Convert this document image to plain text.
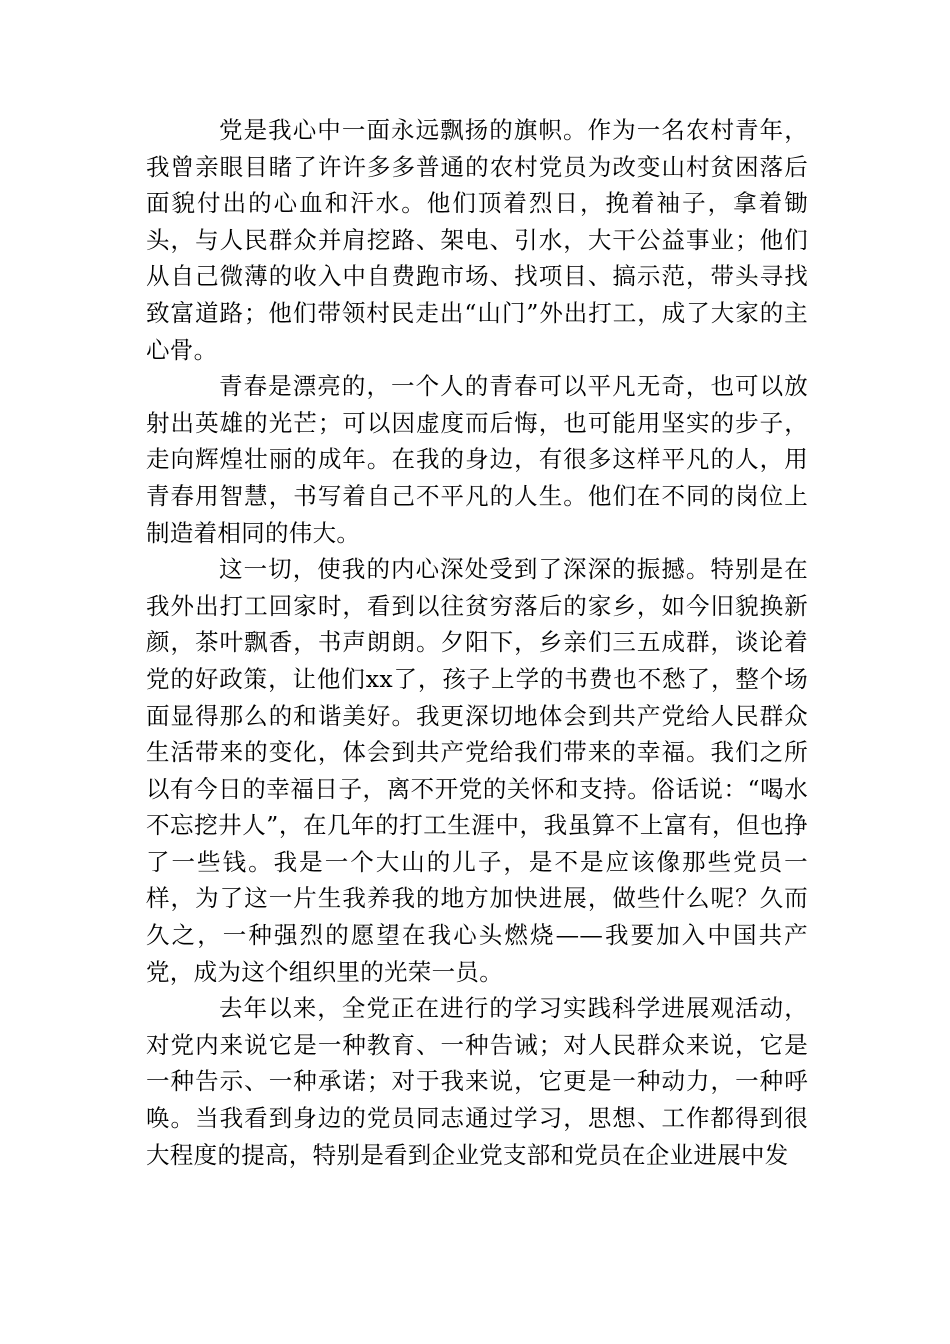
党是我心中一面永远飘扬的旗帜。作为一名农村青年，我曾亲眼目睹了许许多多普通的农村党员为改变山村贫困落后面貌付出的心血和汗水。他们顶着烈日，挽着袖子，拿着锄头，与人民群众并肩挖路、架电、引水，大干公益事业；他们从自己微薄的收入中自费跑市场、找项目、搞示范，带头寻找致富道路；他们带领村民走出“山门”外出打工，成了大家的主心骨。

青春是漂亮的，一个人的青春可以平凡无奇，也可以放射出英雄的光芒；可以因虚度而后悔，也可能用坚实的步子，走向辉煌壮丽的成年。在我的身边，有很多这样平凡的人，用青春用智慧，书写着自己不平凡的人生。他们在不同的岗位上制造着相同的伟大。

这一切，使我的内心深处受到了深深的振撼。特别是在我外出打工回家时，看到以往贫穷落后的家乡，如今旧貌换新颜，茶叶飘香，书声朗朗。夕阳下，乡亲们三五成群，谈论着党的好政策，让他们xx了，孩子上学的书费也不愁了，整个场面显得那么的和谐美好。我更深切地体会到共产党给人民群众生活带来的变化，体会到共产党给我们带来的幸福。我们之所以有今日的幸福日子，离不开党的关怀和支持。俗话说：“喝水不忘挖井人”，在几年的打工生涯中，我虽算不上富有，但也挣了一些钱。我是一个大山的儿子，是不是应该像那些党员一样，为了这一片生我养我的地方加快进展，做些什么呢？久而久之，一种强烈的愿望在我心头燃烧——我要加入中国共产党，成为这个组织里的光荣一员。

去年以来，全党正在进行的学习实践科学进展观活动，对党内来说它是一种教育、一种告诫；对人民群众来说，它是一种告示、一种承诺；对于我来说，它更是一种动力，一种呼唤。当我看到身边的党员同志通过学习，思想、工作都得到很大程度的提高，特别是看到企业党支部和党员在企业进展中发
